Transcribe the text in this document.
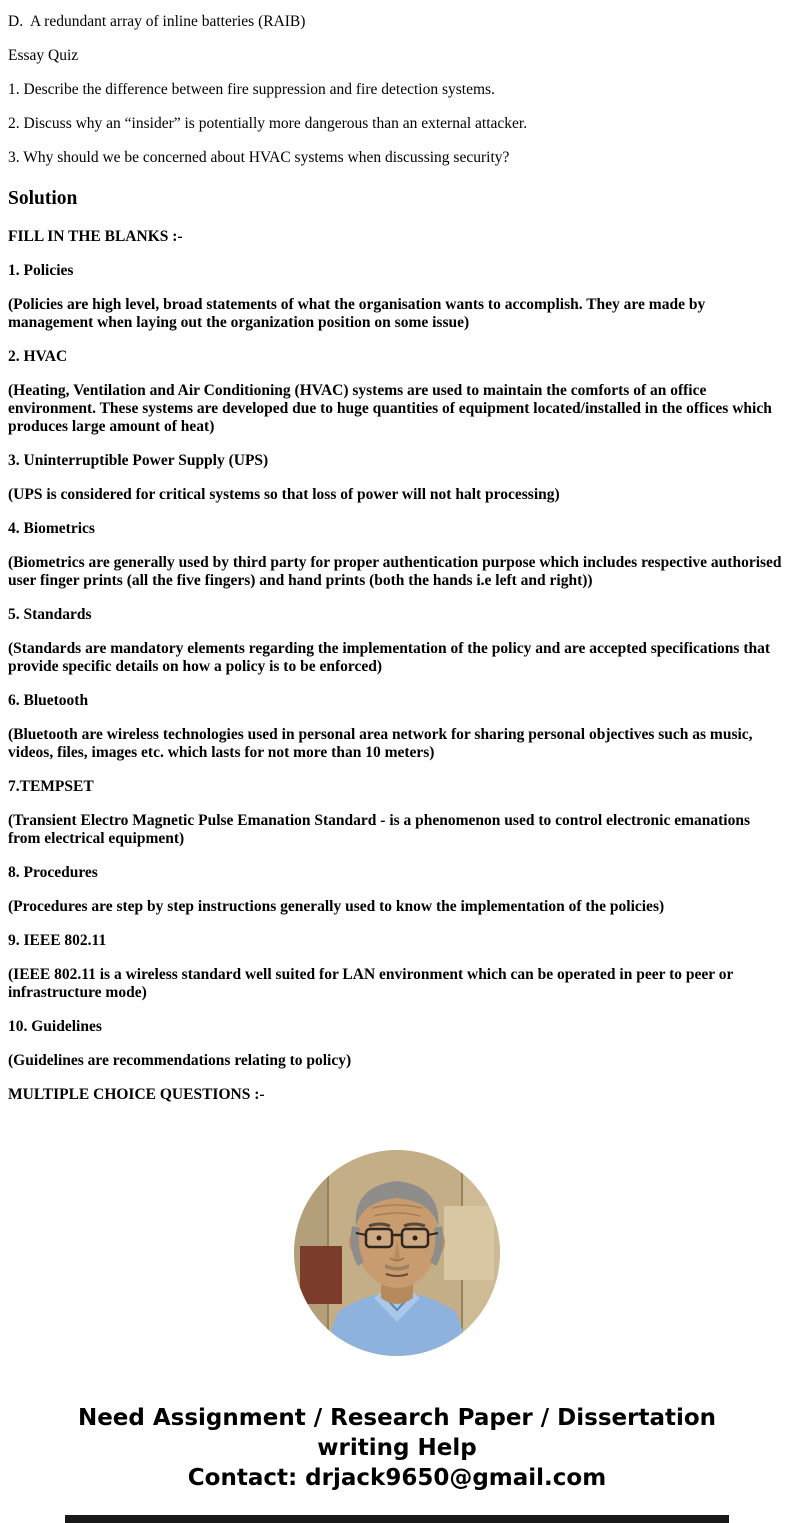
D.  A redundant array of inline batteries (RAIB)

Essay Quiz

1. Describe the difference between fire suppression and fire detection systems.

2. Discuss why an “insider” is potentially more dangerous than an external attacker.

3. Why should we be concerned about HVAC systems when discussing security?

Solution

FILL IN THE BLANKS :-

1. Policies

(Policies are high level, broad statements of what the organisation wants to accomplish. They are made by management when laying out the organization position on some issue)

2. HVAC

(Heating, Ventilation and Air Conditioning (HVAC) systems are used to maintain the comforts of an office environment. These systems are developed due to huge quantities of equipment located/installed in the offices which produces large amount of heat)

3. Uninterruptible Power Supply (UPS)

(UPS is considered for critical systems so that loss of power will not halt processing)

4. Biometrics

(Biometrics are generally used by third party for proper authentication purpose which includes respective authorised user finger prints (all the five fingers) and hand prints (both the hands i.e left and right))

5. Standards

(Standards are mandatory elements regarding the implementation of the policy and are accepted specifications that provide specific details on how a policy is to be enforced)

6. Bluetooth

(Bluetooth are wireless technologies used in personal area network for sharing personal objectives such as music, videos, files, images etc. which lasts for not more than 10 meters)

7.TEMPSET

(Transient Electro Magnetic Pulse Emanation Standard - is a phenomenon used to control electronic emanations from electrical equipment)

8. Procedures

(Procedures are step by step instructions generally used to know the implementation of the policies)

9. IEEE 802.11

(IEEE 802.11 is a wireless standard well suited for LAN environment which can be operated in peer to peer or infrastructure mode)

10. Guidelines

(Guidelines are recommendations relating to policy)

MULTIPLE CHOICE QUESTIONS :-

Need Assignment / Research Paper / Dissertation
writing Help
Contact: drjack9650@gmail.com
